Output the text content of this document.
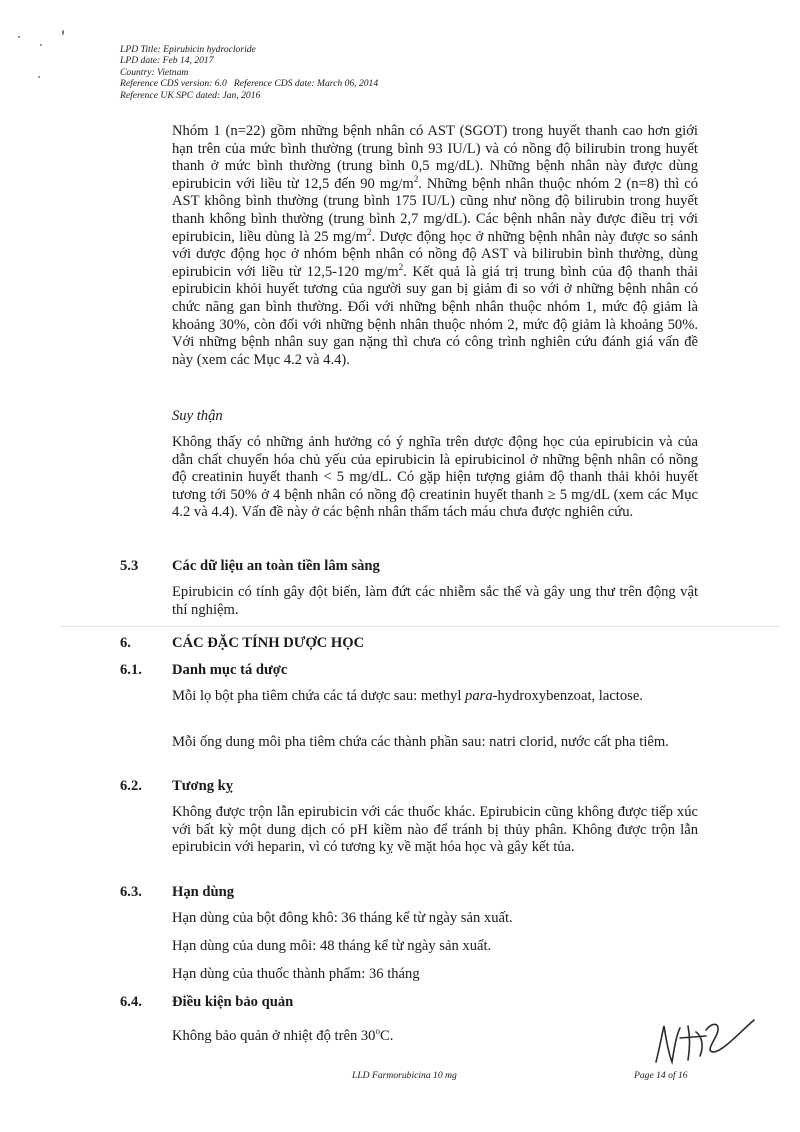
LPD Title: Epirubicin hydrocloride
LPD date: Feb 14, 2017
Country: Vietnam
Reference CDS version: 6.0   Reference CDS date: March 06, 2014
Reference UK SPC dated: Jan, 2016
Nhóm 1 (n=22) gồm những bệnh nhân có AST (SGOT) trong huyết thanh cao hơn giới hạn trên của mức bình thường (trung bình 93 IU/L) và có nồng độ bilirubin trong huyết thanh ở mức bình thường (trung bình 0,5 mg/dL). Những bệnh nhân này được dùng epirubicin với liều từ 12,5 đến 90 $mg/m^2$. Những bệnh nhân thuộc nhóm 2 (n=8) thì có AST không bình thường (trung bình 175 IU/L) cũng như nồng độ bilirubin trong huyết thanh không bình thường (trung bình 2,7 mg/dL). Các bệnh nhân này được điều trị với epirubicin, liều dùng là 25 $mg/m^2$. Dược động học ở những bệnh nhân này được so sánh với dược động học ở nhóm bệnh nhân có nồng độ AST và bilirubin bình thường, dùng epirubicin với liều từ 12,5-120 $mg/m^2$. Kết quả là giá trị trung bình của độ thanh thải epirubicin khỏi huyết tương của người suy gan bị giảm đi so với ở những bệnh nhân có chức năng gan bình thường. Đối với những bệnh nhân thuộc nhóm 1, mức độ giảm là khoảng 30%, còn đối với những bệnh nhân thuộc nhóm 2, mức độ giảm là khoảng 50%. Với những bệnh nhân suy gan nặng thì chưa có công trình nghiên cứu đánh giá vấn đề này (xem các Mục 4.2 và 4.4).
Suy thận
Không thấy có những ảnh hưởng có ý nghĩa trên dược động học của epirubicin và của dẫn chất chuyển hóa chủ yếu của epirubicin là epirubicinol ở những bệnh nhân có nồng độ creatinin huyết thanh < 5 mg/dL. Có gặp hiện tượng giảm độ thanh thải khỏi huyết tương tới 50% ở 4 bệnh nhân có nồng độ creatinin huyết thanh ≥ 5 mg/dL (xem các Mục 4.2 và 4.4). Vấn đề này ở các bệnh nhân thẩm tách máu chưa được nghiên cứu.
5.3 Các dữ liệu an toàn tiền lâm sàng
Epirubicin có tính gây đột biến, làm đứt các nhiễm sắc thể và gây ung thư trên động vật thí nghiệm.
6.	CÁC ĐẶC TÍNH DƯỢC HỌC
6.1. Danh mục tá dược
Mỗi lọ bột pha tiêm chứa các tá dược sau: methyl para-hydroxybenzoat, lactose.
Mỗi ống dung môi pha tiêm chứa các thành phần sau: natri clorid, nước cất pha tiêm.
6.2. Tương kỵ
Không được trộn lẫn epirubicin với các thuốc khác. Epirubicin cũng không được tiếp xúc với bất kỳ một dung dịch có pH kiềm nào để tránh bị thủy phân. Không được trộn lẫn epirubicin với heparin, vì có tương kỵ về mặt hóa học và gây kết tủa.
6.3. Hạn dùng
Hạn dùng của bột đông khô: 36 tháng kể từ ngày sản xuất.
Hạn dùng của dung môi: 48 tháng kể từ ngày sản xuất.
Hạn dùng của thuốc thành phẩm: 36 tháng
6.4. Điều kiện bảo quản
Không bảo quản ở nhiệt độ trên 30$^o$C.
LLD Farmorubicina 10 mg	Page 14 of 16
